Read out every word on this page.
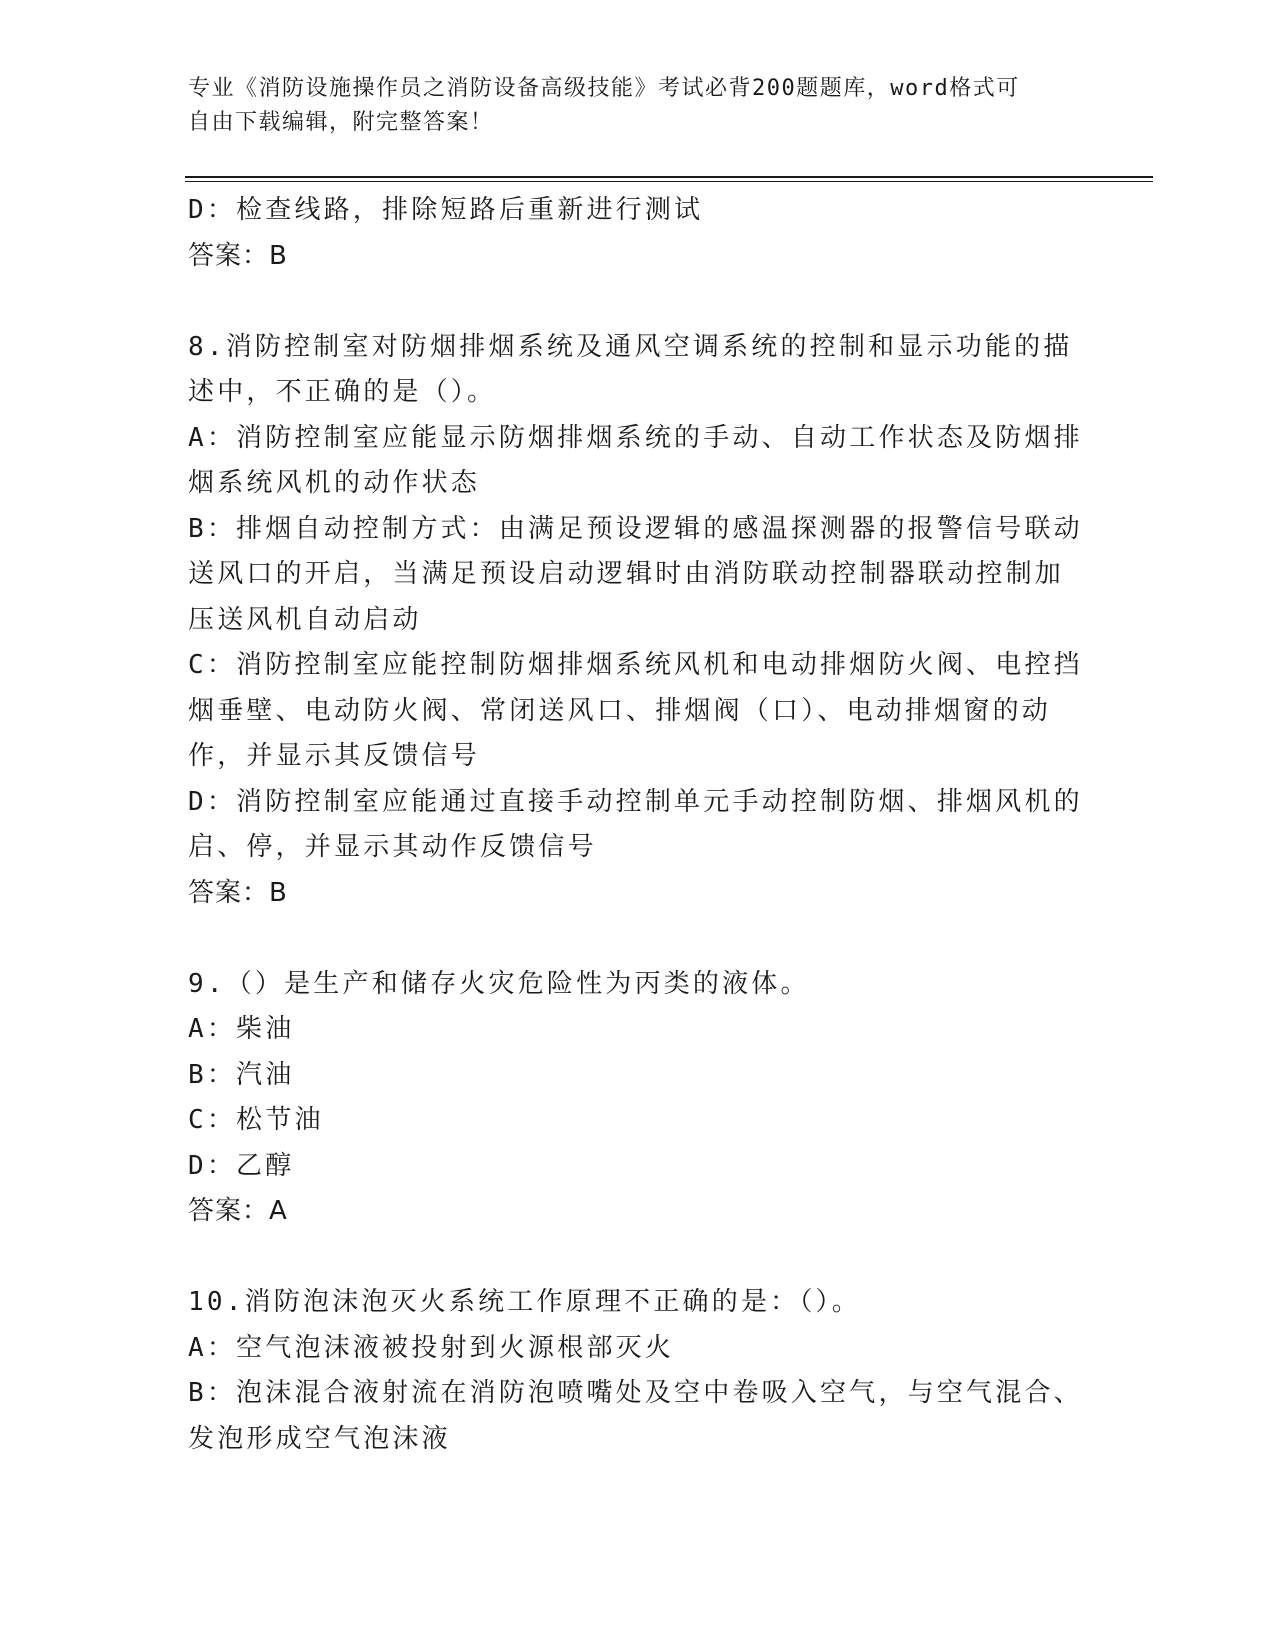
专业《消防设施操作员之消防设备高级技能》考试必背200题题库，word格式可
自由下载编辑，附完整答案！
D：检查线路，排除短路后重新进行测试
答案：B
8.消防控制室对防烟排烟系统及通风空调系统的控制和显示功能的描
述中，不正确的是（）。
A：消防控制室应能显示防烟排烟系统的手动、自动工作状态及防烟排
烟系统风机的动作状态
B：排烟自动控制方式：由满足预设逻辑的感温探测器的报警信号联动
送风口的开启，当满足预设启动逻辑时由消防联动控制器联动控制加
压送风机自动启动
C：消防控制室应能控制防烟排烟系统风机和电动排烟防火阀、电控挡
烟垂壁、电动防火阀、常闭送风口、排烟阀（口）、电动排烟窗的动
作，并显示其反馈信号
D：消防控制室应能通过直接手动控制单元手动控制防烟、排烟风机的
启、停，并显示其动作反馈信号
答案：B
9.（）是生产和储存火灾危险性为丙类的液体。
A：柴油
B：汽油
C：松节油
D：乙醇
答案：A
10.消防泡沫泡灭火系统工作原理不正确的是：（）。
A：空气泡沫液被投射到火源根部灭火
B：泡沫混合液射流在消防泡喷嘴处及空中卷吸入空气，与空气混合、
发泡形成空气泡沫液
